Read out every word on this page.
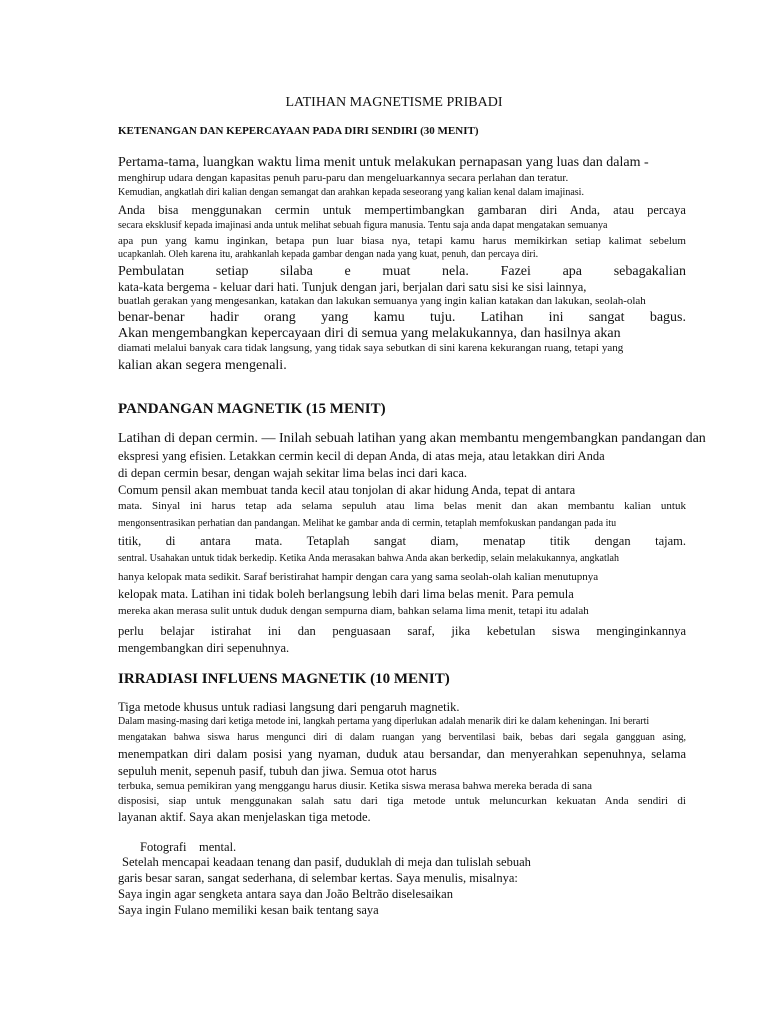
LATIHAN MAGNETISME PRIBADI

KETENANGAN DAN KEPERCAYAAN PADA DIRI SENDIRI (30 MENIT)

Pertama-tama, luangkan waktu lima menit untuk melakukan pernapasan yang luas dan dalam -

menghirup udara dengan kapasitas penuh paru-paru dan mengeluarkannya secara perlahan dan teratur.

Kemudian, angkatlah diri kalian dengan semangat dan arahkan kepada seseorang yang kalian kenal dalam imajinasi.

Anda bisa menggunakan cermin untuk mempertimbangkan gambaran diri Anda, atau percaya

secara eksklusif kepada imajinasi anda untuk melihat sebuah figura manusia. Tentu saja anda dapat mengatakan semuanya

apa pun yang kamu inginkan, betapa pun luar biasa nya, tetapi kamu harus memikirkan setiap kalimat sebelum

ucapkanlah. Oleh karena itu, arahkanlah kepada gambar dengan nada yang kuat, penuh, dan percaya diri.

Pembulatan setiap silaba e muat nela. Fazei apa sebagakalian

kata-kata bergema - keluar dari hati. Tunjuk dengan jari, berjalan dari satu sisi ke sisi lainnya,

buatlah gerakan yang mengesankan, katakan dan lakukan semuanya yang ingin kalian katakan dan lakukan, seolah-olah

benar-benar hadir orang yang kamu tuju. Latihan ini sangat bagus.

Akan mengembangkan kepercayaan diri di semua yang melakukannya, dan hasilnya akan

diamati melalui banyak cara tidak langsung, yang tidak saya sebutkan di sini karena kekurangan ruang, tetapi yang

kalian akan segera mengenali.

PANDANGAN MAGNETIK (15 MENIT)

Latihan di depan cermin. — Inilah sebuah latihan yang akan membantu mengembangkan pandangan dan

ekspresi yang efisien. Letakkan cermin kecil di depan Anda, di atas meja, atau letakkan diri Anda

di depan cermin besar, dengan wajah sekitar lima belas inci dari kaca.

Comum pensil akan membuat tanda kecil atau tonjolan di akar hidung Anda, tepat di antara

mata. Sinyal ini harus tetap ada selama sepuluh atau lima belas menit dan akan membantu kalian untuk

mengonsentrasikan perhatian dan pandangan. Melihat ke gambar anda di cermin, tetaplah memfokuskan pandangan pada itu

titik, di antara mata. Tetaplah sangat diam, menatap titik dengan tajam.

sentral. Usahakan untuk tidak berkedip. Ketika Anda merasakan bahwa Anda akan berkedip, selain melakukannya, angkatlah

hanya kelopak mata sedikit. Saraf beristirahat hampir dengan cara yang sama seolah-olah kalian menutupnya

kelopak mata. Latihan ini tidak boleh berlangsung lebih dari lima belas menit. Para pemula

mereka akan merasa sulit untuk duduk dengan sempurna diam, bahkan selama lima menit, tetapi itu adalah

perlu belajar istirahat ini dan penguasaan saraf, jika kebetulan siswa menginginkannya

mengembangkan diri sepenuhnya.

IRRADIASI INFLUENS MAGNETIK (10 MENIT)

Tiga metode khusus untuk radiasi langsung dari pengaruh magnetik.

Dalam masing-masing dari ketiga metode ini, langkah pertama yang diperlukan adalah menarik diri ke dalam keheningan. Ini berarti

mengatakan bahwa siswa harus mengunci diri di dalam ruangan yang berventilasi baik, bebas dari segala gangguan asing,

menempatkan diri dalam posisi yang nyaman, duduk atau bersandar, dan menyerahkan sepenuhnya, selama

sepuluh menit, sepenuh pasif, tubuh dan jiwa. Semua otot harus

terbuka, semua pemikiran yang menggangu harus diusir. Ketika siswa merasa bahwa mereka berada di sana

disposisi, siap untuk menggunakan salah satu dari tiga metode untuk meluncurkan kekuatan Anda sendiri di

layanan aktif. Saya akan menjelaskan tiga metode.

Fotografi    mental.

Setelah mencapai keadaan tenang dan pasif, duduklah di meja dan tulislah sebuah

garis besar saran, sangat sederhana, di selembar kertas. Saya menulis, misalnya:

Saya ingin agar sengketa antara saya dan João Beltrão diselesaikan

Saya ingin Fulano memiliki kesan baik tentang saya
